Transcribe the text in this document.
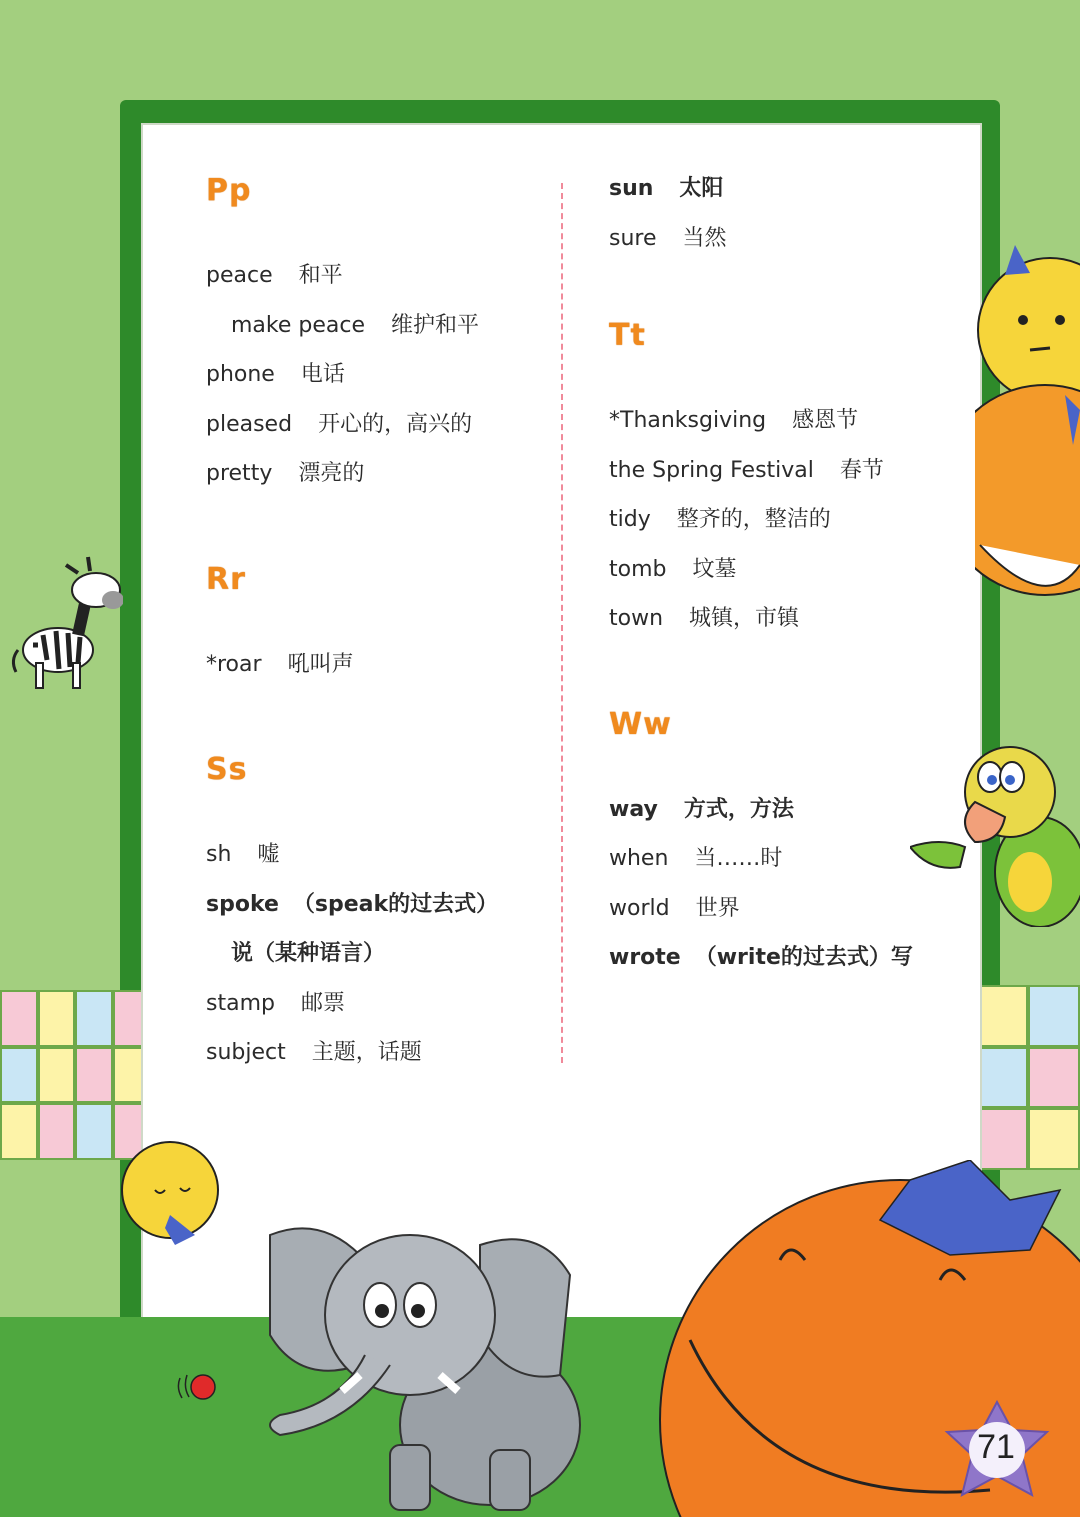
Pp
peace 和平
make peace 维护和平
phone 电话
pleased 开心的，高兴的
pretty 漂亮的
Rr
*roar 吼叫声
Ss
sh 嘘
spoke （speak的过去式）
说（某种语言）
stamp 邮票
subject 主题，话题
sun 太阳
sure 当然
Tt
*Thanksgiving 感恩节
the Spring Festival 春节
tidy 整齐的，整洁的
tomb 坟墓
town 城镇，市镇
Ww
way 方式，方法
when 当……时
world 世界
wrote （write的过去式）写
71
